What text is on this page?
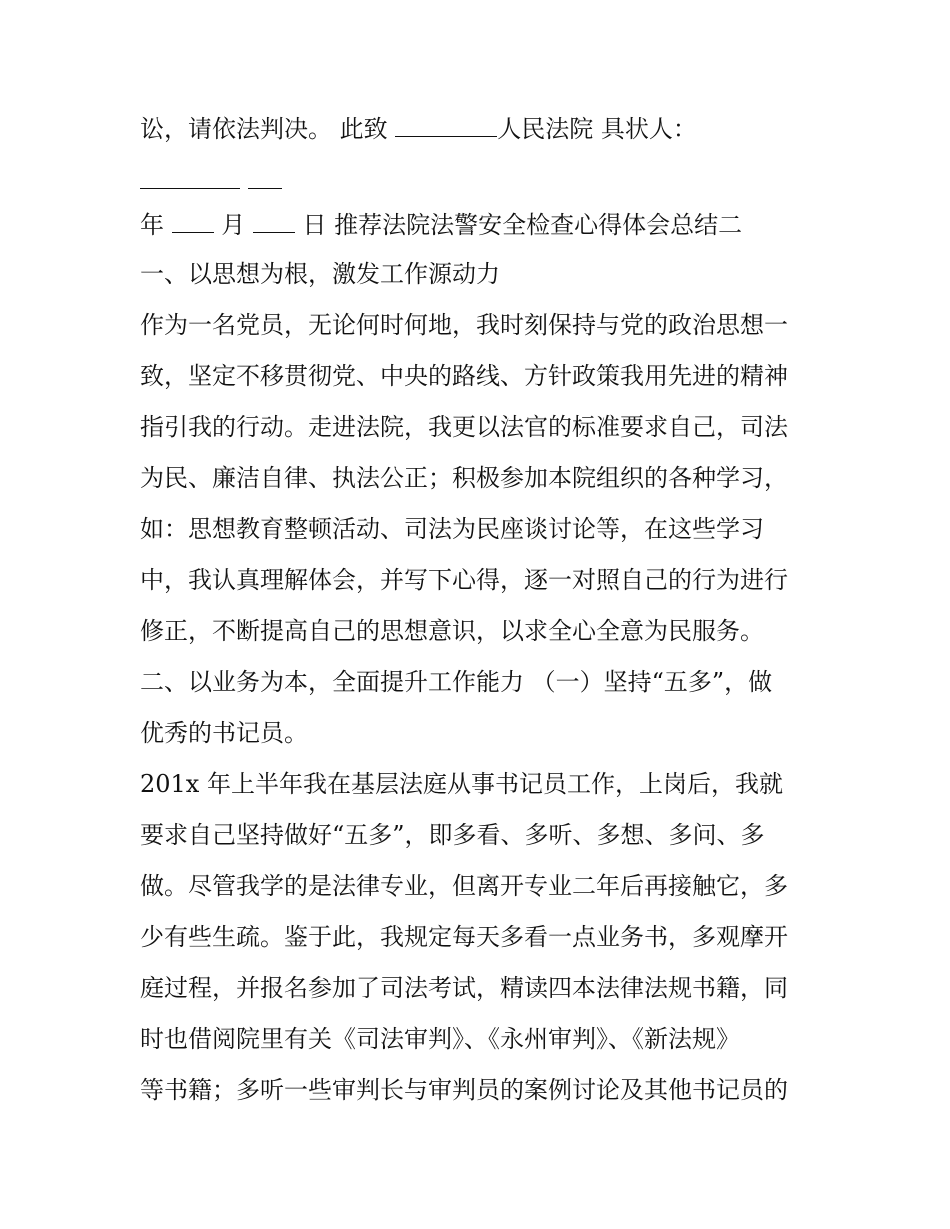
讼，请依法判决。 此致	人民法院 具状人：

年  月  日 推荐法院法警安全检查心得体会总结二

一、以思想为根，激发工作源动力

作为一名党员，无论何时何地，我时刻保持与党的政治思想一

致，坚定不移贯彻党、中央的路线、方针政策我用先进的精神

指引我的行动。走进法院，我更以法官的标准要求自己，司法

为民、廉洁自律、执法公正；积极参加本院组织的各种学习，

如：思想教育整顿活动、司法为民座谈讨论等，在这些学习

中，我认真理解体会，并写下心得，逐一对照自己的行为进行

修正，不断提高自己的思想意识，以求全心全意为民服务。

二、以业务为本，全面提升工作能力 （一）坚持“五多”，做

优秀的书记员。

201x 年上半年我在基层法庭从事书记员工作，上岗后，我就

要求自己坚持做好“五多”，即多看、多听、多想、多问、多

做。尽管我学的是法律专业，但离开专业二年后再接触它，多

少有些生疏。鉴于此，我规定每天多看一点业务书，多观摩开

庭过程，并报名参加了司法考试，精读四本法律法规书籍，同

时也借阅院里有关《司法审判》、《永州审判》、《新法规》

等书籍；多听一些审判长与审判员的案例讨论及其他书记员的
